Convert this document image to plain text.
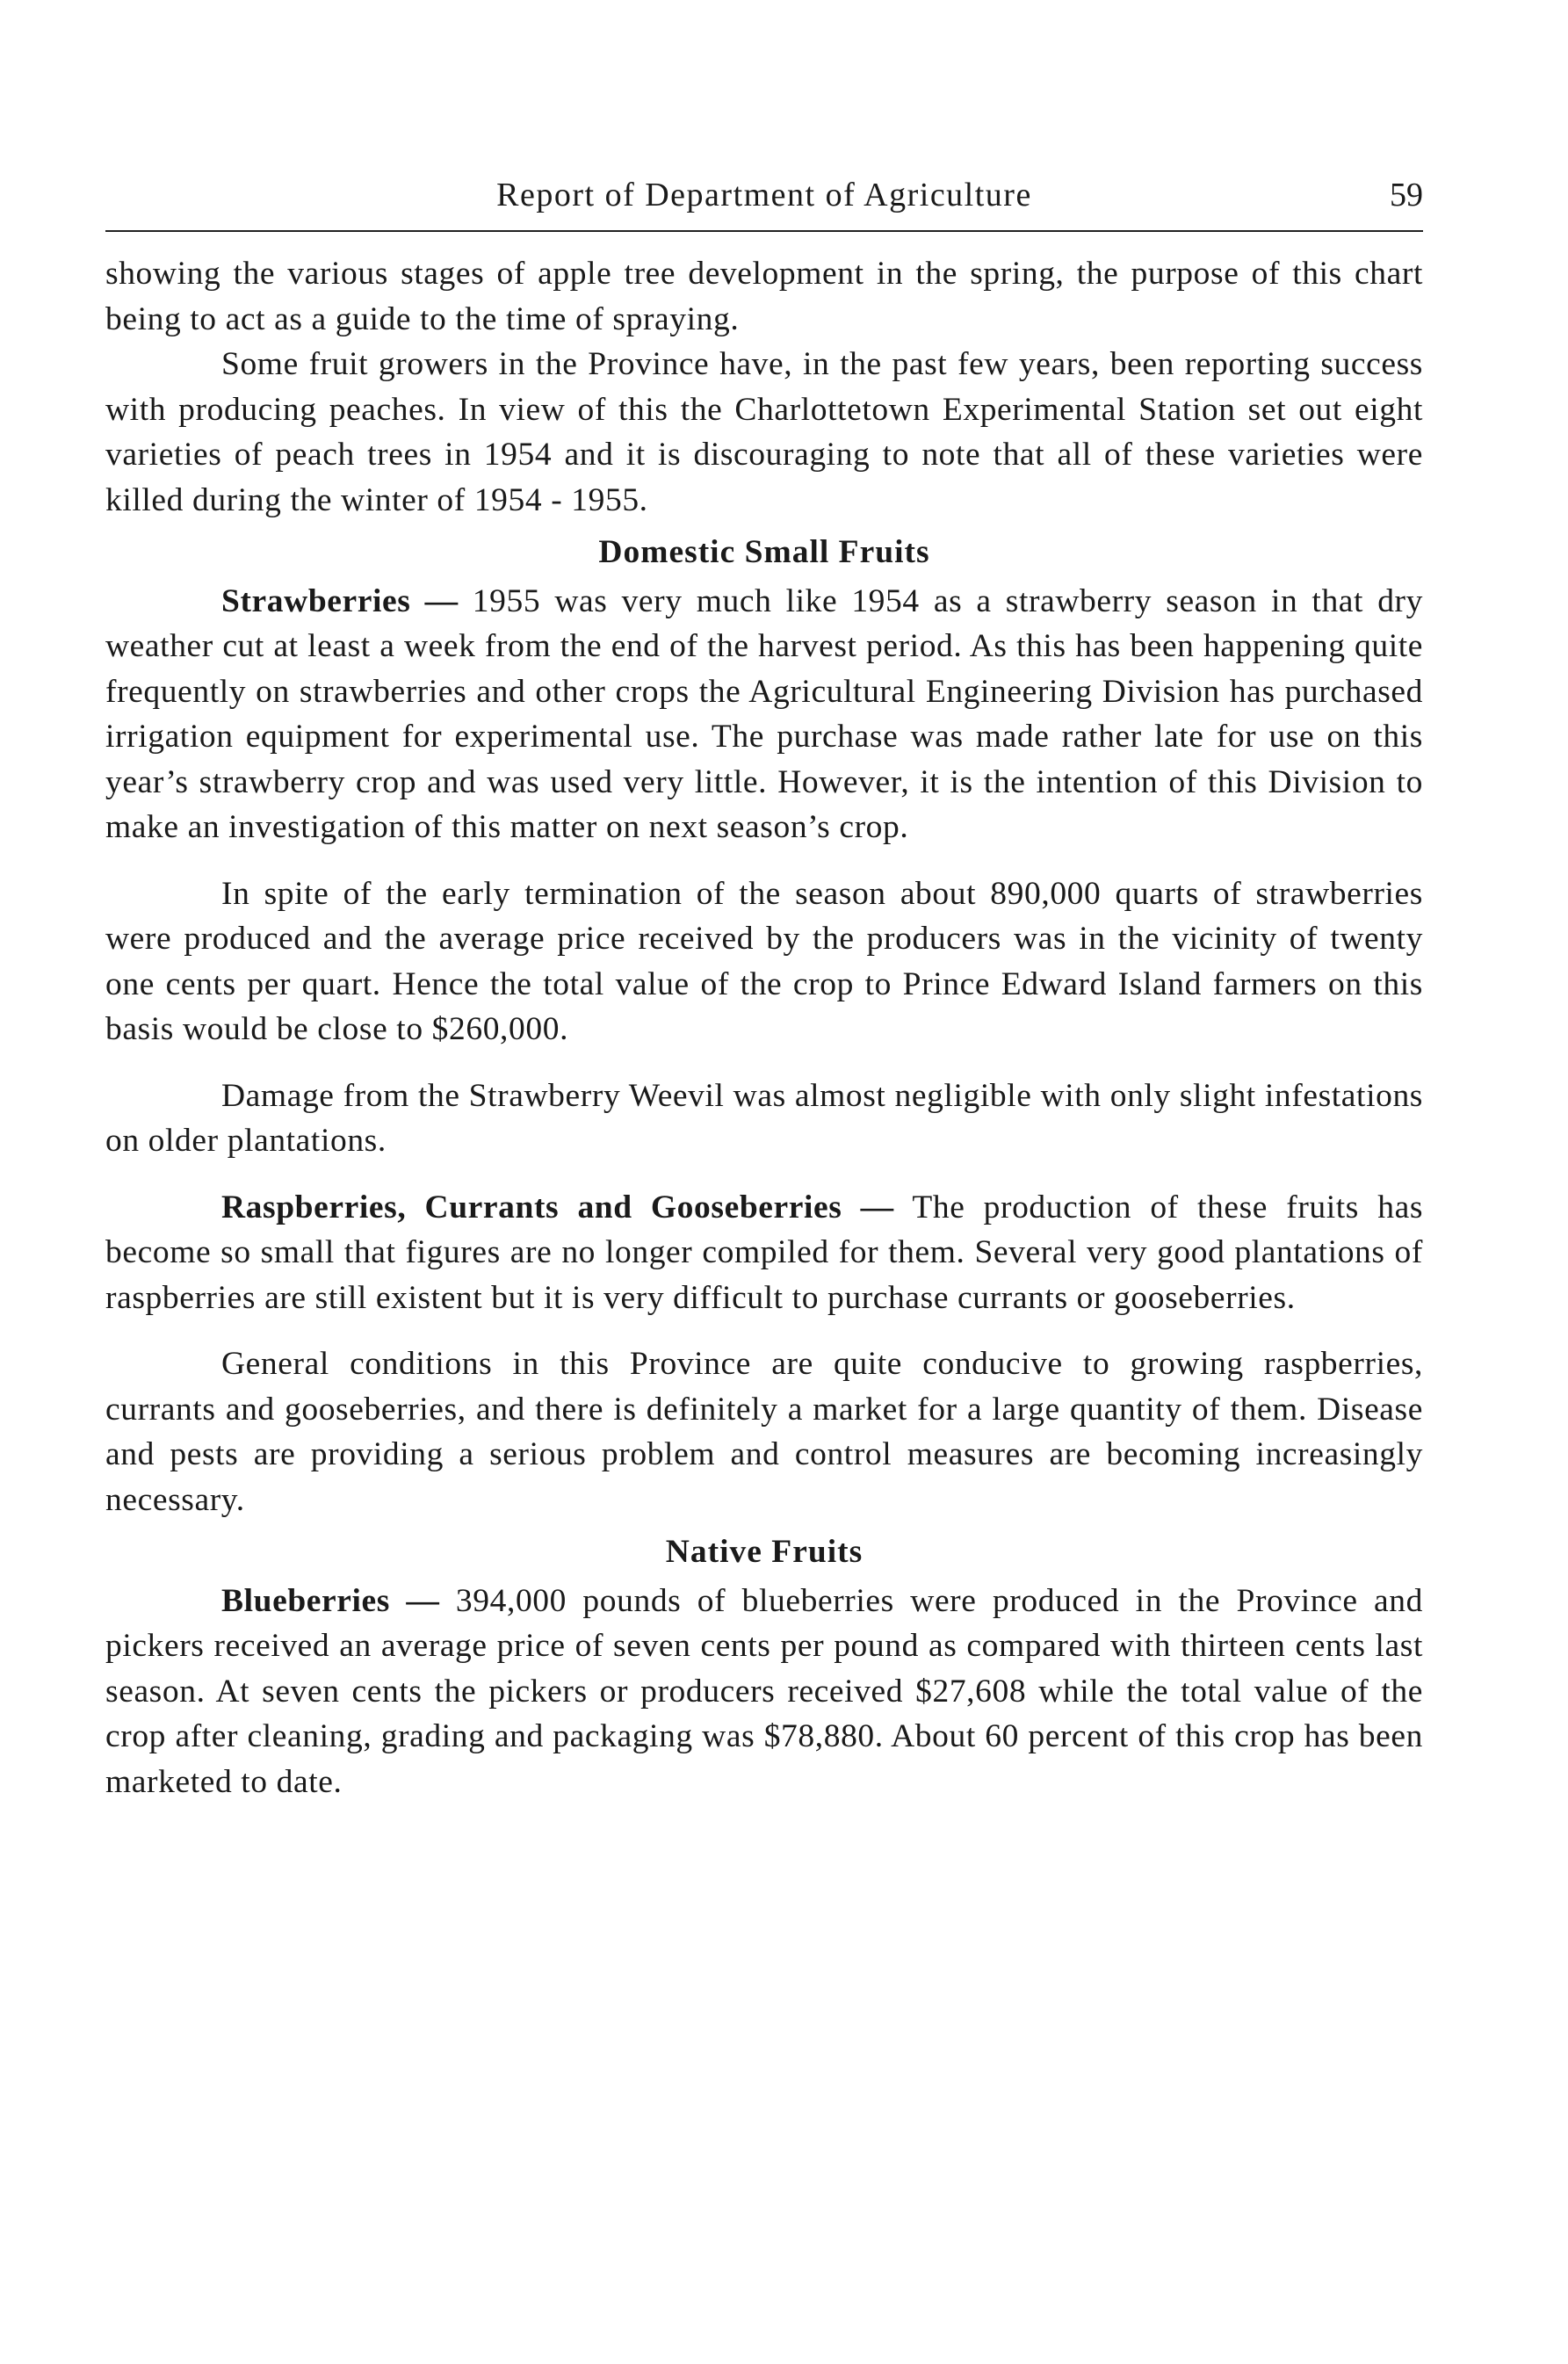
Report of Department of Agriculture	59

showing the various stages of apple tree development in the spring, the purpose of this chart being to act as a guide to the time of spraying.

Some fruit growers in the Province have, in the past few years, been reporting success with producing peaches. In view of this the Charlottetown Experimental Station set out eight varieties of peach trees in 1954 and it is discouraging to note that all of these varieties were killed during the winter of 1954 - 1955.

Domestic Small Fruits

Strawberries — 1955 was very much like 1954 as a strawberry season in that dry weather cut at least a week from the end of the harvest period. As this has been happening quite frequently on strawberries and other crops the Agricultural Engineering Division has purchased irrigation equipment for experimental use. The purchase was made rather late for use on this year’s strawberry crop and was used very little. However, it is the intention of this Division to make an investigation of this matter on next season’s crop.

In spite of the early termination of the season about 890,000 quarts of strawberries were produced and the average price received by the producers was in the vicinity of twenty one cents per quart. Hence the total value of the crop to Prince Edward Island farmers on this basis would be close to $260,000.

Damage from the Strawberry Weevil was almost negligible with only slight infestations on older plantations.

Raspberries, Currants and Gooseberries — The production of these fruits has become so small that figures are no longer compiled for them. Several very good plantations of raspberries are still existent but it is very difficult to purchase currants or gooseberries.

General conditions in this Province are quite conducive to growing raspberries, currants and gooseberries, and there is definitely a market for a large quantity of them. Disease and pests are providing a serious problem and control measures are becoming increasingly necessary.

Native Fruits

Blueberries — 394,000 pounds of blueberries were produced in the Province and pickers received an average price of seven cents per pound as compared with thirteen cents last season. At seven cents the pickers or producers received $27,608 while the total value of the crop after cleaning, grading and packaging was $78,880. About 60 percent of this crop has been marketed to date.
